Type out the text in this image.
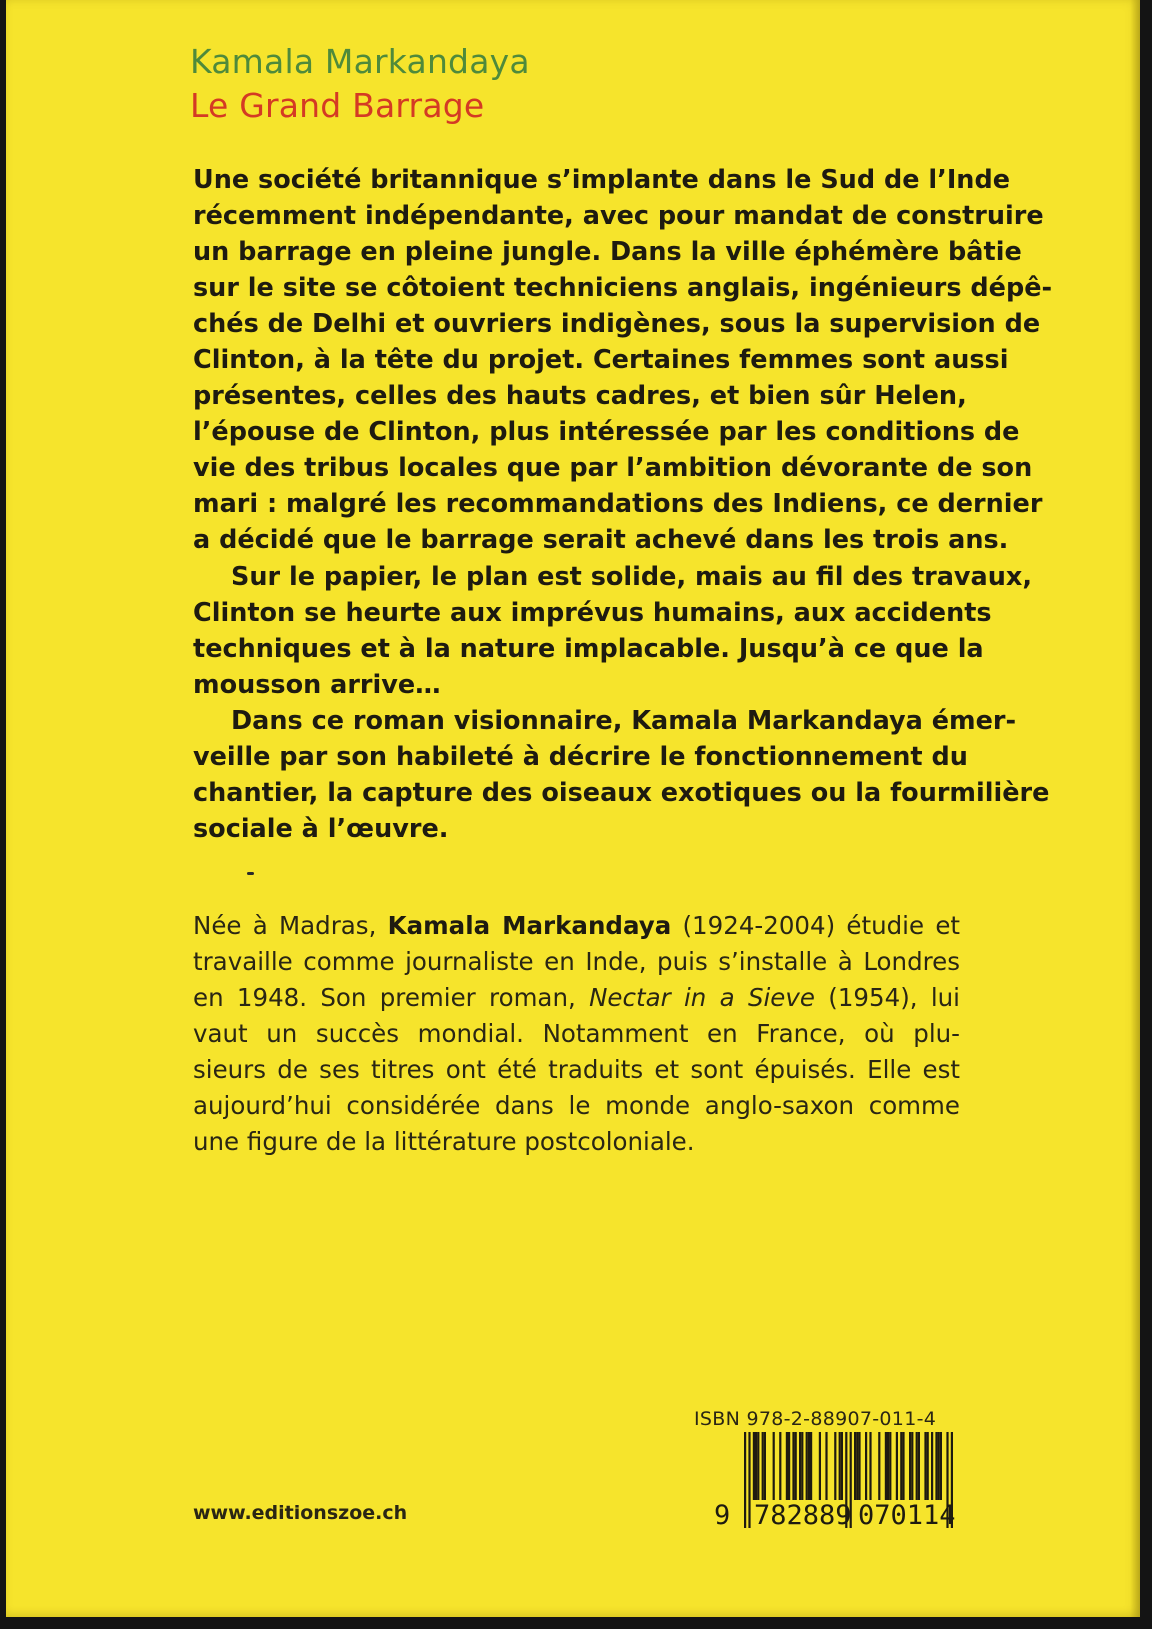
Kamala Markandaya
Le Grand Barrage
Une société britannique s’implante dans le Sud de l’Inde
récemment indépendante, avec pour mandat de construire
un barrage en pleine jungle. Dans la ville éphémère bâtie
sur le site se côtoient techniciens anglais, ingénieurs dépê-
chés de Delhi et ouvriers indigènes, sous la supervision de
Clinton, à la tête du projet. Certaines femmes sont aussi
présentes, celles des hauts cadres, et bien sûr Helen,
l’épouse de Clinton, plus intéressée par les conditions de
vie des tribus locales que par l’ambition dévorante de son
mari : malgré les recommandations des Indiens, ce dernier
a décidé que le barrage serait achevé dans les trois ans.
Sur le papier, le plan est solide, mais au fil des travaux,
Clinton se heurte aux imprévus humains, aux accidents
techniques et à la nature implacable. Jusqu’à ce que la
mousson arrive…
Dans ce roman visionnaire, Kamala Markandaya émer-
veille par son habileté à décrire le fonctionnement du
chantier, la capture des oiseaux exotiques ou la fourmilière
sociale à l’œuvre.
Née à Madras, Kamala Markandaya (1924-2004) étudie et
travaille comme journaliste en Inde, puis s’installe à Londres
en 1948. Son premier roman, Nectar in a Sieve (1954), lui
vaut un succès mondial. Notamment en France, où plu-
sieurs de ses titres ont été traduits et sont épuisés. Elle est
aujourd’hui considérée dans le monde anglo-saxon comme
une figure de la littérature postcoloniale.
ISBN 978-2-88907-011-4
9 782889 070114
www.editionszoe.ch
